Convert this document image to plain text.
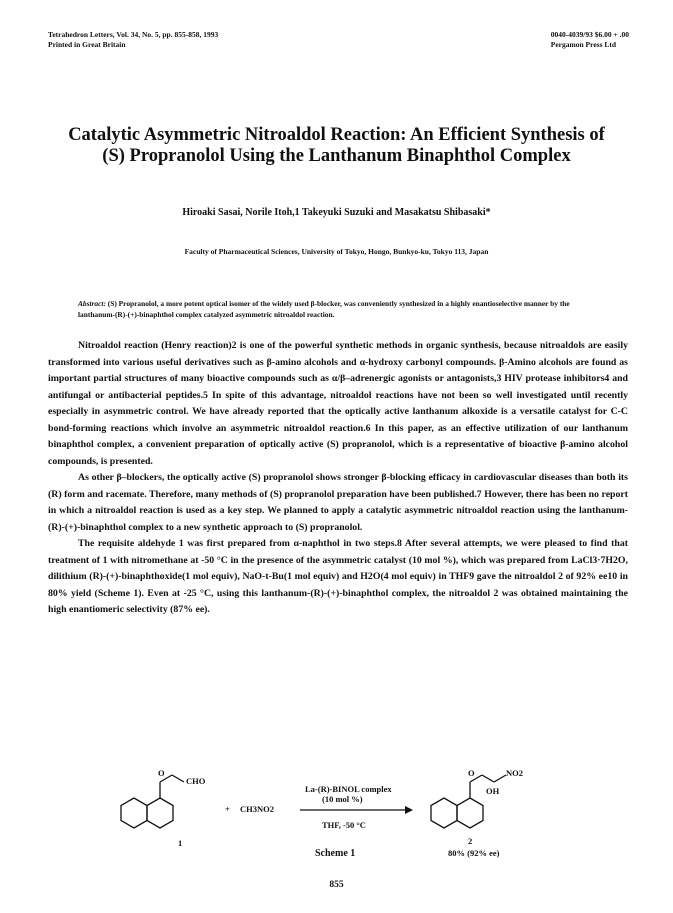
Tetrahedron Letters, Vol. 34, No. 5, pp. 855-858, 1993
Printed in Great Britain
0040-4039/93 $6.00 + .00
Pergamon Press Ltd
Catalytic Asymmetric Nitroaldol Reaction: An Efficient Synthesis of
(S) Propranolol Using the Lanthanum Binaphthol Complex
Hiroaki Sasai, Norile Itoh,1 Takeyuki Suzuki and Masakatsu Shibasaki*
Faculty of Pharmaceutical Sciences, University of Tokyo, Hongo, Bunkyo-ku, Tokyo 113, Japan
Abstract: (S) Propranolol, a more potent optical isomer of the widely used β-blocker, was conveniently synthesized in a highly enantioselective manner by the lanthanum-(R)-(+)-binaphthol complex catalyzed asymmetric nitroaldol reaction.

Nitroaldol reaction (Henry reaction)2 is one of the powerful synthetic methods in organic synthesis, because nitroaldols are easily transformed into various useful derivatives such as β-amino alcohols and α-hydroxy carbonyl compounds. β-Amino alcohols are found as important partial structures of many bioactive compounds such as α/β–adrenergic agonists or antagonists,3 HIV protease inhibitors4 and antifungal or antibacterial peptides.5 In spite of this advantage, nitroaldol reactions have not been so well investigated until recently especially in asymmetric control. We have already reported that the optically active lanthanum alkoxide is a versatile catalyst for C-C bond-forming reactions which involve an asymmetric nitroaldol reaction.6 In this paper, as an effective utilization of our lanthanum binaphthol complex, a convenient preparation of optically active (S) propranolol, which is a representative of bioactive β-amino alcohol compounds, is presented.

As other β–blockers, the optically active (S) propranolol shows stronger β-blocking efficacy in cardiovascular diseases than both its (R) form and racemate. Therefore, many methods of (S) propranolol preparation have been published.7 However, there has been no report in which a nitroaldol reaction is used as a key step. We planned to apply a catalytic asymmetric nitroaldol reaction using the lanthanum-(R)-(+)-binaphthol complex to a new synthetic approach to (S) propranolol.

The requisite aldehyde 1 was first prepared from α-naphthol in two steps.8 After several attempts, we were pleased to find that treatment of 1 with nitromethane at -50 °C in the presence of the asymmetric catalyst (10 mol %), which was prepared from LaCl3·7H2O, dilithium (R)-(+)-binaphthoxide(1 mol equiv), NaO-t-Bu(1 mol equiv) and H2O(4 mol equiv) in THF9 gave the nitroaldol 2 of 92% ee10 in 80% yield (Scheme 1). Even at -25 °C, using this lanthanum-(R)-(+)-binaphthol complex, the nitroaldol 2 was obtained maintaining the high enantiomeric selectivity (87% ee).

O
CHO
+ CH3NO2
La-(R)-BINOL complex
(10 mol %)
THF, -50 °C
O	NO2
OH
1	2
80% (92% ee)
Scheme 1
855
